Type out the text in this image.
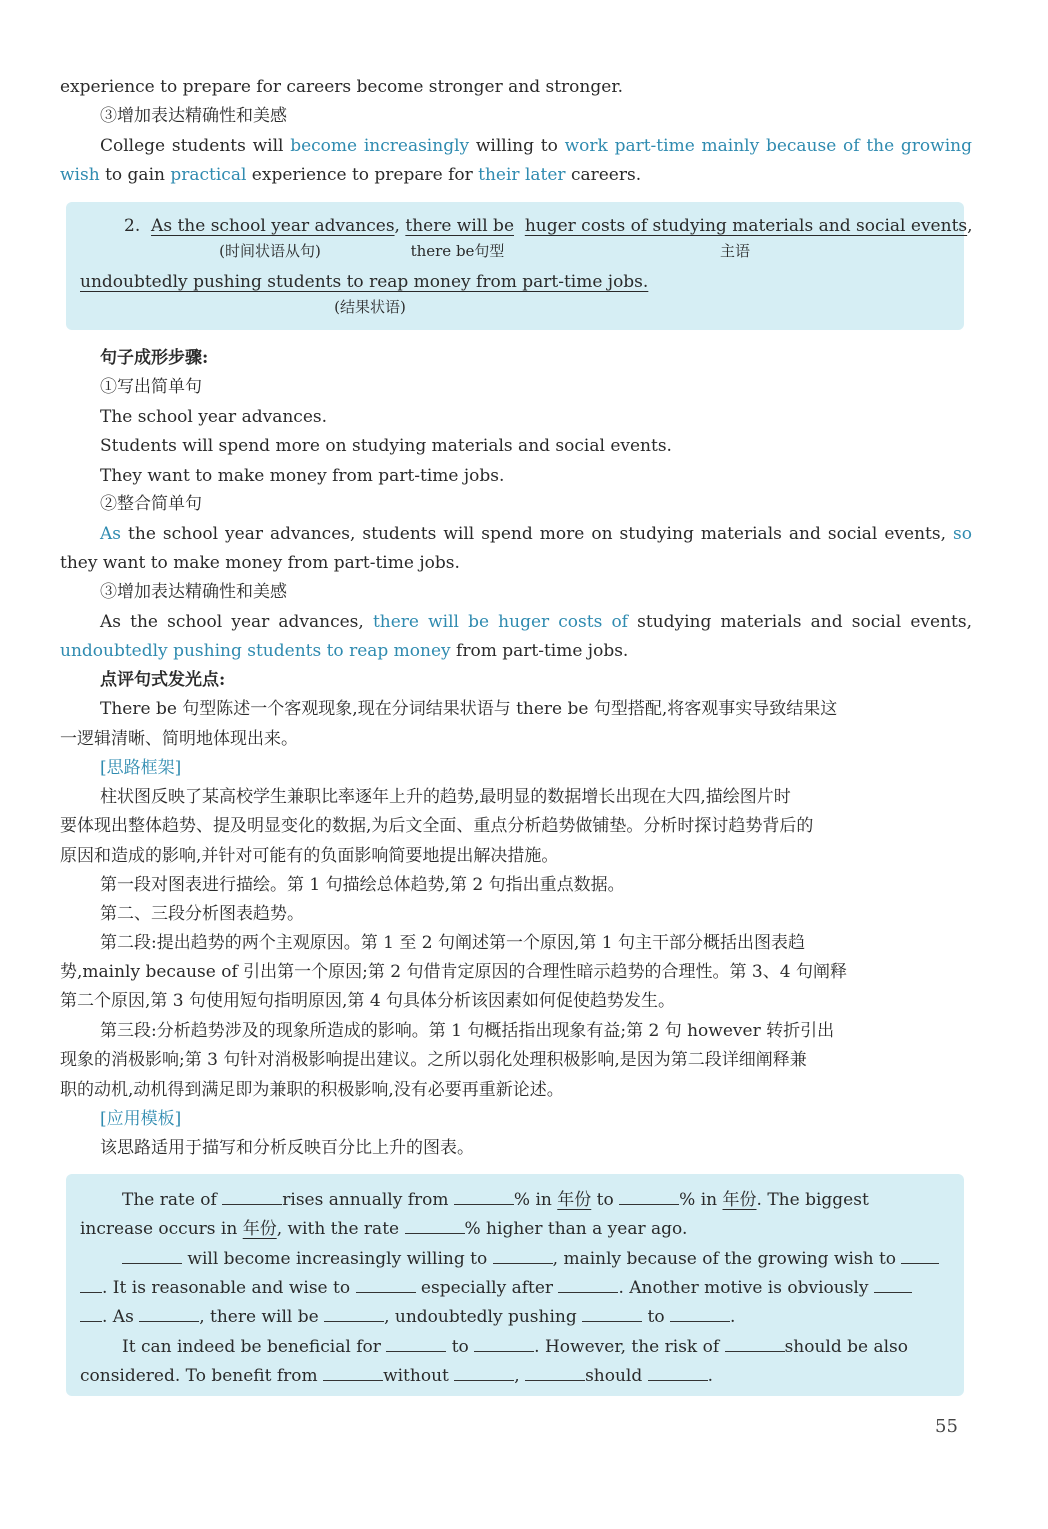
experience to prepare for careers become stronger and stronger.
③增加表达精确性和美感
College students will become increasingly willing to work part-time mainly because of the growing
wish to gain practical experience to prepare for their later careers.
2. As the school year advances, there will be huger costs of studying materials and social events,
(时间状语从句)	there be句型	主语
undoubtedly pushing students to reap money from part-time jobs.
(结果状语)
句子成形步骤:
①写出简单句
The school year advances.
Students will spend more on studying materials and social events.
They want to make money from part-time jobs.
②整合简单句
As the school year advances, students will spend more on studying materials and social events, so
they want to make money from part-time jobs.
③增加表达精确性和美感
As the school year advances, there will be huger costs of studying materials and social events,
undoubtedly pushing students to reap money from part-time jobs.
点评句式发光点:
There be 句型陈述一个客观现象,现在分词结果状语与 there be 句型搭配,将客观事实导致结果这
一逻辑清晰、简明地体现出来。
[思路框架]
柱状图反映了某高校学生兼职比率逐年上升的趋势,最明显的数据增长出现在大四,描绘图片时
要体现出整体趋势、提及明显变化的数据,为后文全面、重点分析趋势做铺垫。分析时探讨趋势背后的
原因和造成的影响,并针对可能有的负面影响简要地提出解决措施。
第一段对图表进行描绘。第 1 句描绘总体趋势,第 2 句指出重点数据。
第二、三段分析图表趋势。
第二段:提出趋势的两个主观原因。第 1 至 2 句阐述第一个原因,第 1 句主干部分概括出图表趋
势,mainly because of 引出第一个原因;第 2 句借肯定原因的合理性暗示趋势的合理性。第 3、4 句阐释
第二个原因,第 3 句使用短句指明原因,第 4 句具体分析该因素如何促使趋势发生。
第三段:分析趋势涉及的现象所造成的影响。第 1 句概括指出现象有益;第 2 句 however 转折引出
现象的消极影响;第 3 句针对消极影响提出建议。之所以弱化处理积极影响,是因为第二段详细阐释兼
职的动机,动机得到满足即为兼职的积极影响,没有必要再重新论述。
[应用模板]
该思路适用于描写和分析反映百分比上升的图表。
The rate of	rises annually from	% in 年份 to	% in 年份. The biggest
increase occurs in 年份, with the rate	% higher than a year ago.
will become increasingly willing to	, mainly because of the growing wish to
. It is reasonable and wise to	especially after	. Another motive is obviously
. As	, there will be	, undoubtedly pushing	to	.
It can indeed be beneficial for	to	. However, the risk of	should be also
considered. To benefit from	without	,	should	.
55
